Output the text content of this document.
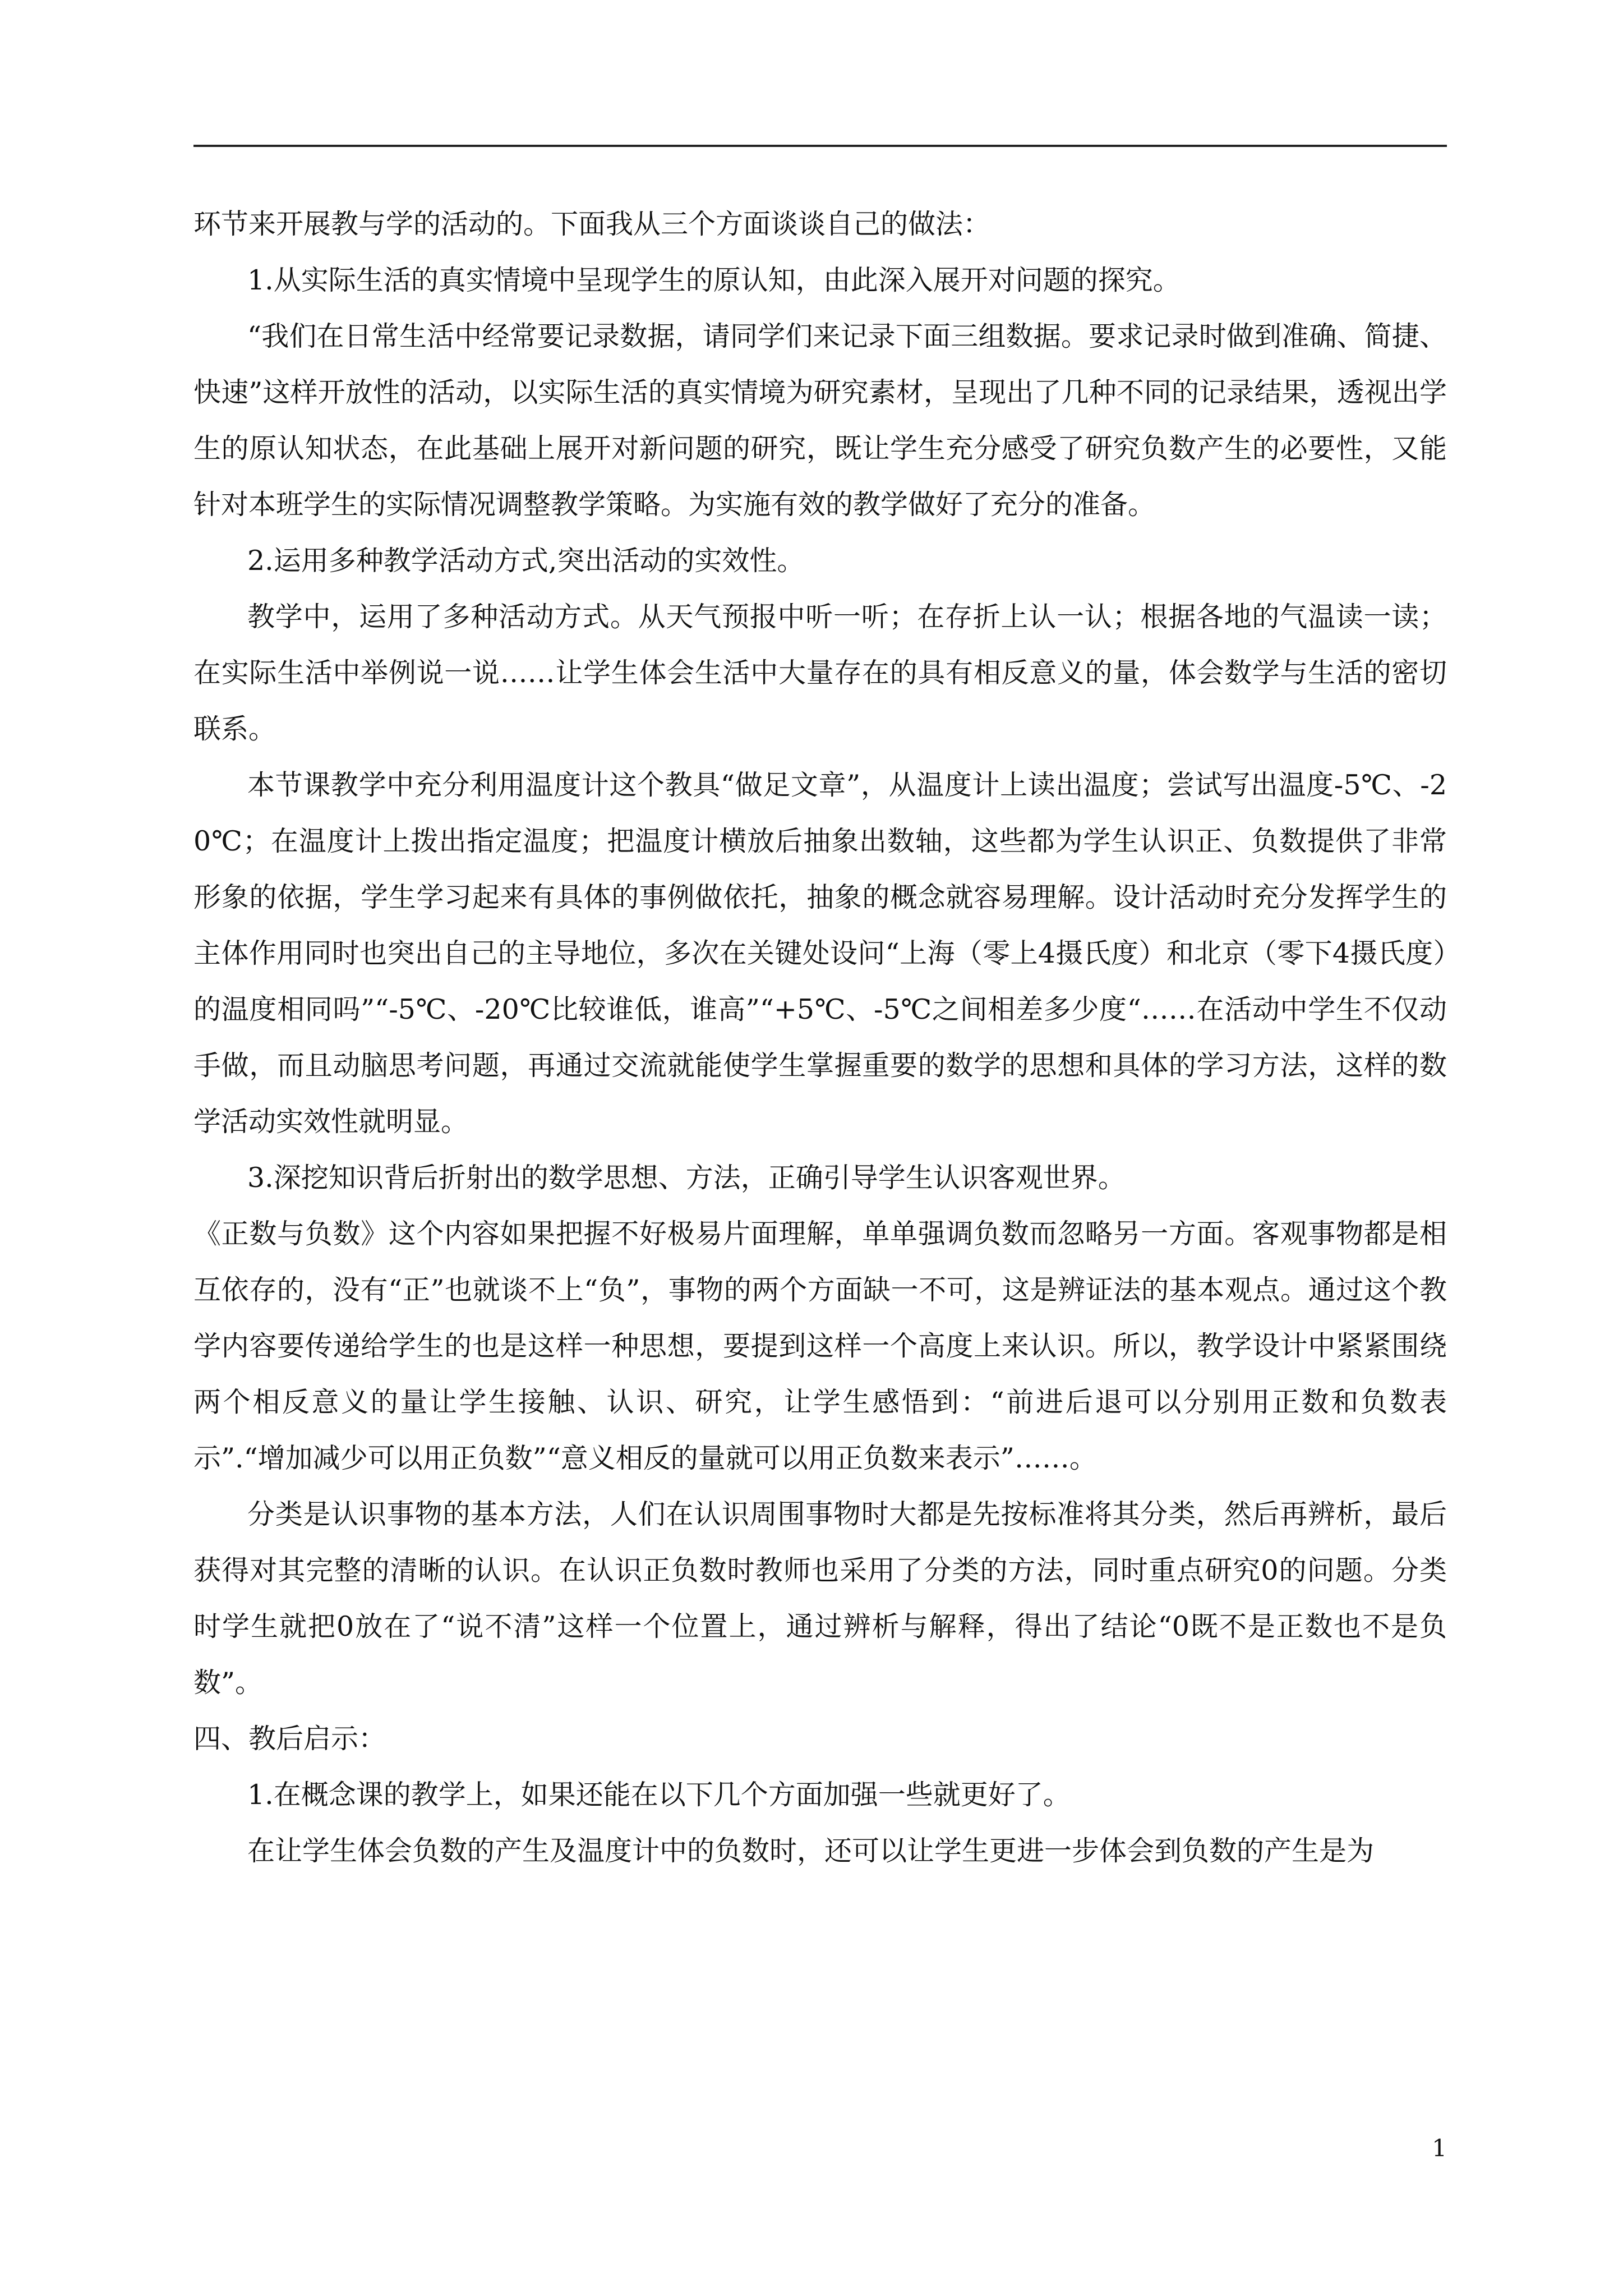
环节来开展教与学的活动的。下面我从三个方面谈谈自己的做法：

1.从实际生活的真实情境中呈现学生的原认知，由此深入展开对问题的探究。

“我们在日常生活中经常要记录数据，请同学们来记录下面三组数据。要求记录时做到准确、简捷、快速”这样开放性的活动，以实际生活的真实情境为研究素材，呈现出了几种不同的记录结果，透视出学生的原认知状态，在此基础上展开对新问题的研究，既让学生充分感受了研究负数产生的必要性，又能针对本班学生的实际情况调整教学策略。为实施有效的教学做好了充分的准备。

2.运用多种教学活动方式,突出活动的实效性。

教学中，运用了多种活动方式。从天气预报中听一听；在存折上认一认；根据各地的气温读一读；在实际生活中举例说一说……让学生体会生活中大量存在的具有相反意义的量，体会数学与生活的密切联系。

本节课教学中充分利用温度计这个教具“做足文章”，从温度计上读出温度；尝试写出温度-5℃、-20℃；在温度计上拨出指定温度；把温度计横放后抽象出数轴，这些都为学生认识正、负数提供了非常形象的依据，学生学习起来有具体的事例做依托，抽象的概念就容易理解。设计活动时充分发挥学生的主体作用同时也突出自己的主导地位，多次在关键处设问“上海（零上4摄氏度）和北京（零下4摄氏度）的温度相同吗”“-5℃、-20℃比较谁低，谁高”“+5℃、-5℃之间相差多少度“……在活动中学生不仅动手做，而且动脑思考问题，再通过交流就能使学生掌握重要的数学的思想和具体的学习方法，这样的数学活动实效性就明显。

3.深挖知识背后折射出的数学思想、方法，正确引导学生认识客观世界。

《正数与负数》这个内容如果把握不好极易片面理解，单单强调负数而忽略另一方面。客观事物都是相互依存的，没有“正”也就谈不上“负”，事物的两个方面缺一不可，这是辨证法的基本观点。通过这个教学内容要传递给学生的也是这样一种思想，要提到这样一个高度上来认识。所以，教学设计中紧紧围绕两个相反意义的量让学生接触、认识、研究，让学生感悟到：“前进后退可以分别用正数和负数表示”.“增加减少可以用正负数”“意义相反的量就可以用正负数来表示”……。

分类是认识事物的基本方法，人们在认识周围事物时大都是先按标准将其分类，然后再辨析，最后获得对其完整的清晰的认识。在认识正负数时教师也采用了分类的方法，同时重点研究0的问题。分类时学生就把0放在了“说不清”这样一个位置上，通过辨析与解释，得出了结论“0既不是正数也不是负数”。

四、教后启示：

1.在概念课的教学上，如果还能在以下几个方面加强一些就更好了。

在让学生体会负数的产生及温度计中的负数时，还可以让学生更进一步体会到负数的产生是为

1
